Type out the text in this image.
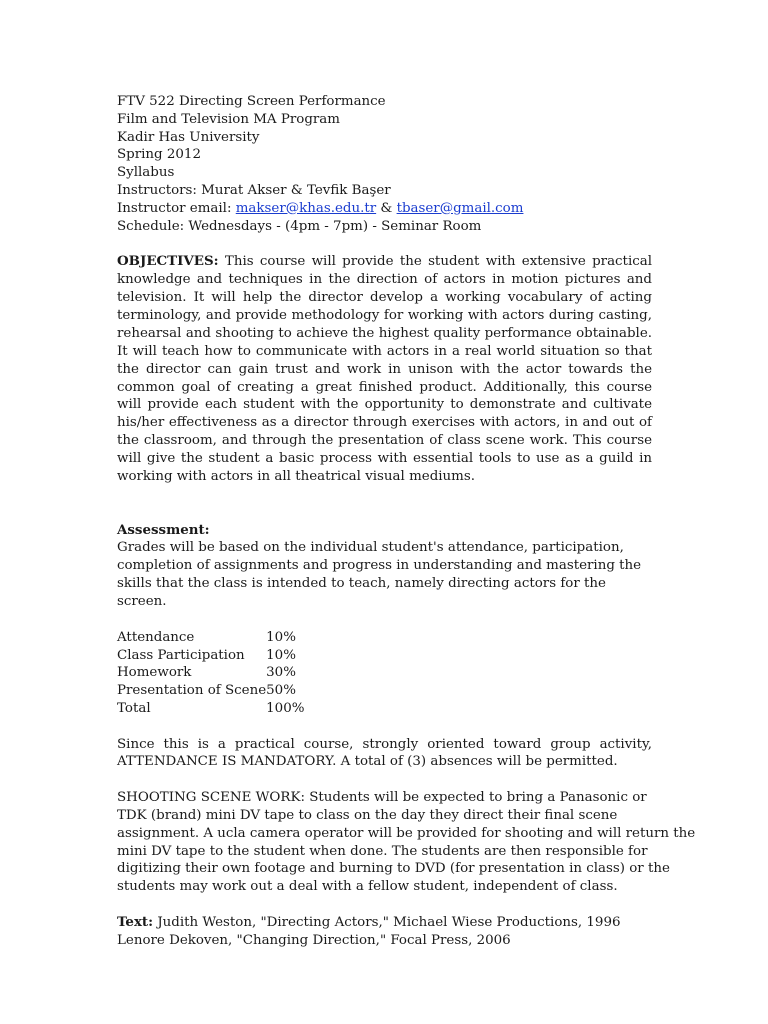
FTV 522 Directing Screen Performance
Film and Television MA Program
Kadir Has University
Spring 2012
Syllabus
Instructors: Murat Akser & Tevfik Başer
Instructor email: makser@khas.edu.tr & tbaser@gmail.com
Schedule: Wednesdays - (4pm - 7pm) - Seminar Room

OBJECTIVES: This course will provide the student with extensive practical knowledge and techniques in the direction of actors in motion pictures and television. It will help the director develop a working vocabulary of acting terminology, and provide methodology for working with actors during casting, rehearsal and shooting to achieve the highest quality performance obtainable. It will teach how to communicate with actors in a real world situation so that the director can gain trust and work in unison with the actor towards the common goal of creating a great finished product. Additionally, this course will provide each student with the opportunity to demonstrate and cultivate his/her effectiveness as a director through exercises with actors, in and out of the classroom, and through the presentation of class scene work. This course will give the student a basic process with essential tools to use as a guild in working with actors in all theatrical visual mediums.

Assessment:

Grades will be based on the individual student's attendance, participation, completion of assignments and progress in understanding and mastering the skills that the class is intended to teach, namely directing actors for the screen.

Attendance	10%
Class Participation	10%
Homework	30%
Presentation of Scene	50%
Total	100%

Since this is a practical course, strongly oriented toward group activity, ATTENDANCE IS MANDATORY. A total of (3) absences will be permitted.

SHOOTING SCENE WORK: Students will be expected to bring a Panasonic or
TDK (brand) mini DV tape to class on the day they direct their final scene
assignment. A ucla camera operator will be provided for shooting and will return the
mini DV tape to the student when done. The students are then responsible for
digitizing their own footage and burning to DVD (for presentation in class) or the
students may work out a deal with a fellow student, independent of class.
Text: Judith Weston, "Directing Actors," Michael Wiese Productions, 1996
Lenore Dekoven, "Changing Direction," Focal Press, 2006
